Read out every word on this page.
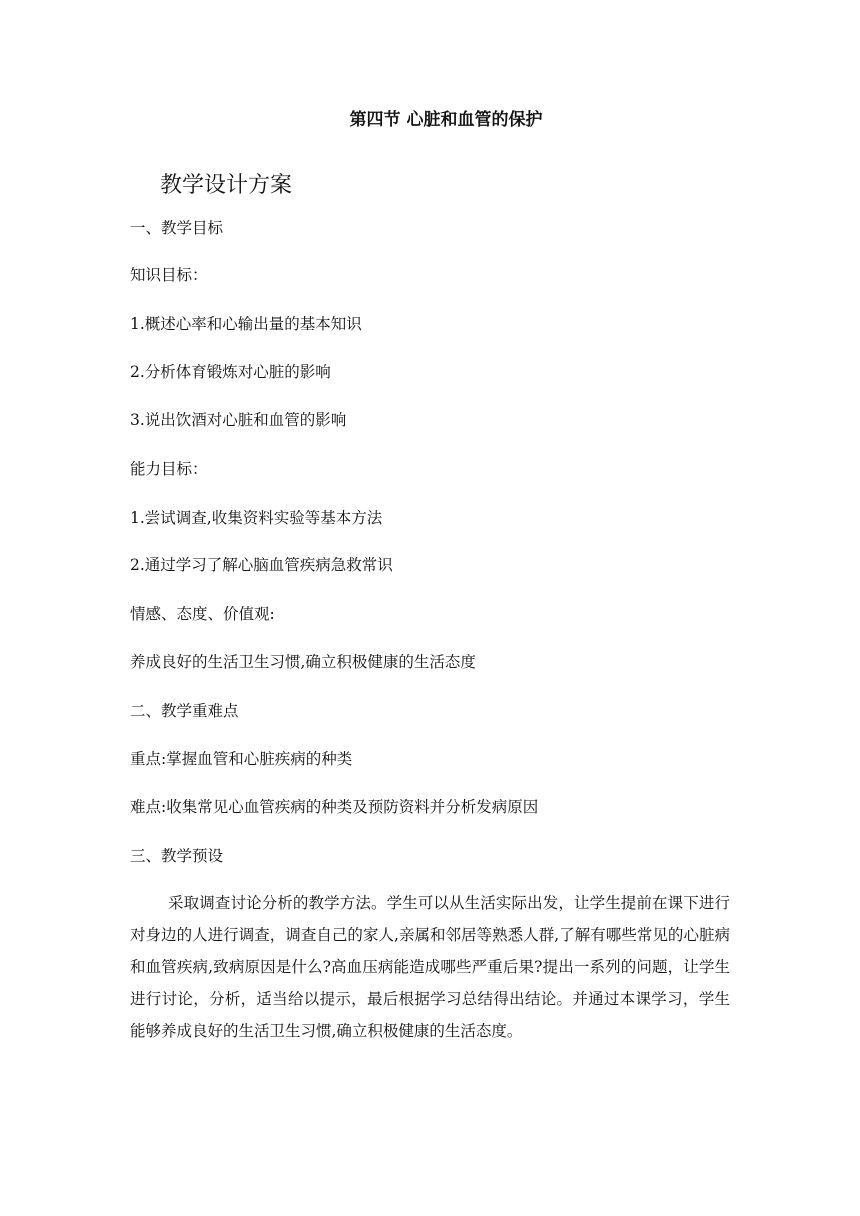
第四节 心脏和血管的保护
教学设计方案
一、教学目标
知识目标：
1.概述心率和心输出量的基本知识
2.分析体育锻炼对心脏的影响
3.说出饮酒对心脏和血管的影响
能力目标：
1.尝试调查,收集资料实验等基本方法
2.通过学习了解心脑血管疾病急救常识
情感、态度、价值观:
养成良好的生活卫生习惯,确立积极健康的生活态度
二、教学重难点
重点:掌握血管和心脏疾病的种类
难点:收集常见心血管疾病的种类及预防资料并分析发病原因
三、教学预设
采取调查讨论分析的教学方法。学生可以从生活实际出发，让学生提前在课下进行对身边的人进行调查，调查自己的家人,亲属和邻居等熟悉人群,了解有哪些常见的心脏病和血管疾病,致病原因是什么?高血压病能造成哪些严重后果?提出一系列的问题，让学生进行讨论，分析，适当给以提示，最后根据学习总结得出结论。并通过本课学习，学生能够养成良好的生活卫生习惯,确立积极健康的生活态度。
